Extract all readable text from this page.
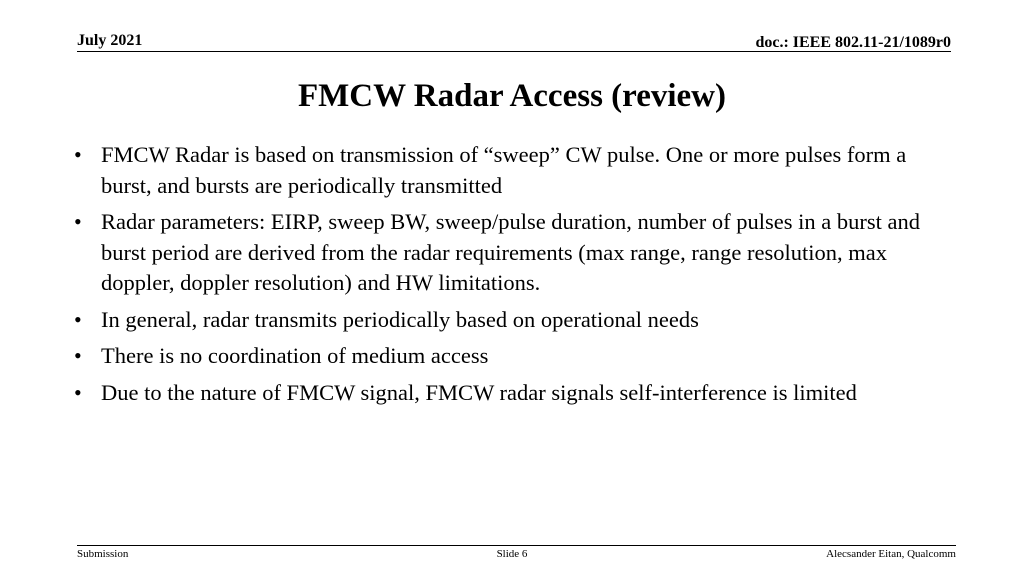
July 2021	doc.: IEEE 802.11-21/1089r0
FMCW Radar Access (review)
• FMCW Radar is based on transmission of “sweep” CW pulse. One or more pulses form a burst, and bursts are periodically transmitted
• Radar parameters: EIRP, sweep BW, sweep/pulse duration, number of pulses in a burst and burst period are derived from the radar requirements (max range, range resolution, max doppler, doppler resolution) and HW limitations.
• In general, radar transmits periodically based on operational needs
• There is no coordination of medium access
• Due to the nature of FMCW signal, FMCW radar signals self-interference is limited
Submission	Slide 6	Alecsander Eitan, Qualcomm
